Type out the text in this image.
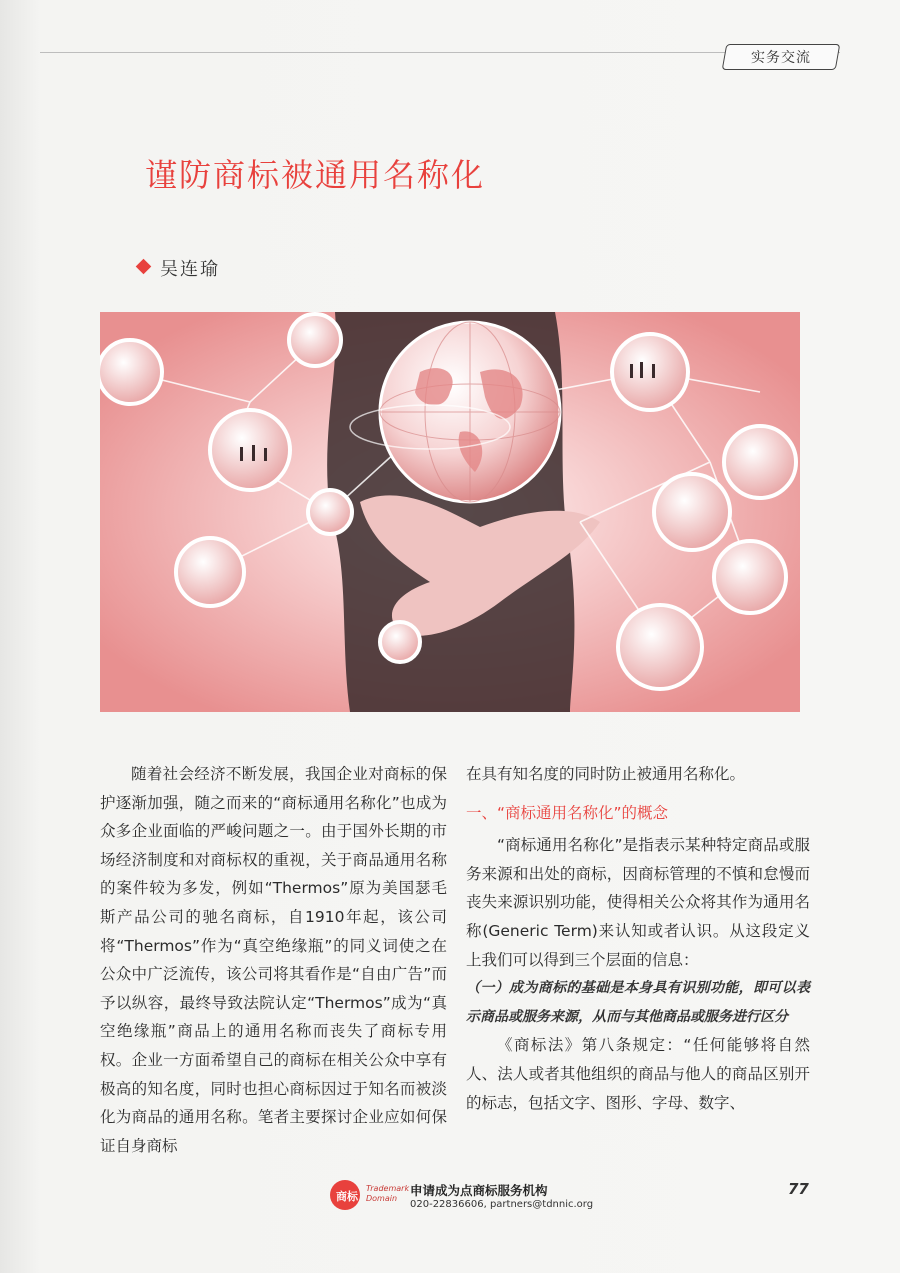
实务交流
谨防商标被通用名称化
吴连瑜

随着社会经济不断发展，我国企业对商标的保护逐渐加强，随之而来的“商标通用名称化”也成为众多企业面临的严峻问题之一。由于国外长期的市场经济制度和对商标权的重视，关于商品通用名称的案件较为多发，例如“Thermos”原为美国瑟毛斯产品公司的驰名商标，自1910年起，该公司将“Thermos”作为“真空绝缘瓶”的同义词使之在公众中广泛流传，该公司将其看作是“自由广告”而予以纵容，最终导致法院认定“Thermos”成为“真空绝缘瓶”商品上的通用名称而丧失了商标专用权。企业一方面希望自己的商标在相关公众中享有极高的知名度，同时也担心商标因过于知名而被淡化为商品的通用名称。笔者主要探讨企业应如何保证自身商标

在具有知名度的同时防止被通用名称化。

一、“商标通用名称化”的概念

“商标通用名称化”是指表示某种特定商品或服务来源和出处的商标，因商标管理的不慎和怠慢而丧失来源识别功能，使得相关公众将其作为通用名称(Generic Term)来认知或者认识。从这段定义上我们可以得到三个层面的信息：

（一）成为商标的基础是本身具有识别功能，即可以表示商品或服务来源，从而与其他商品或服务进行区分

《商标法》第八条规定：“任何能够将自然人、法人或者其他组织的商品与他人的商品区别开的标志，包括文字、图形、字母、数字、

商标
Trademark
Domain
申请成为点商标服务机构
020-22836606, partners@tdnnic.org
77
